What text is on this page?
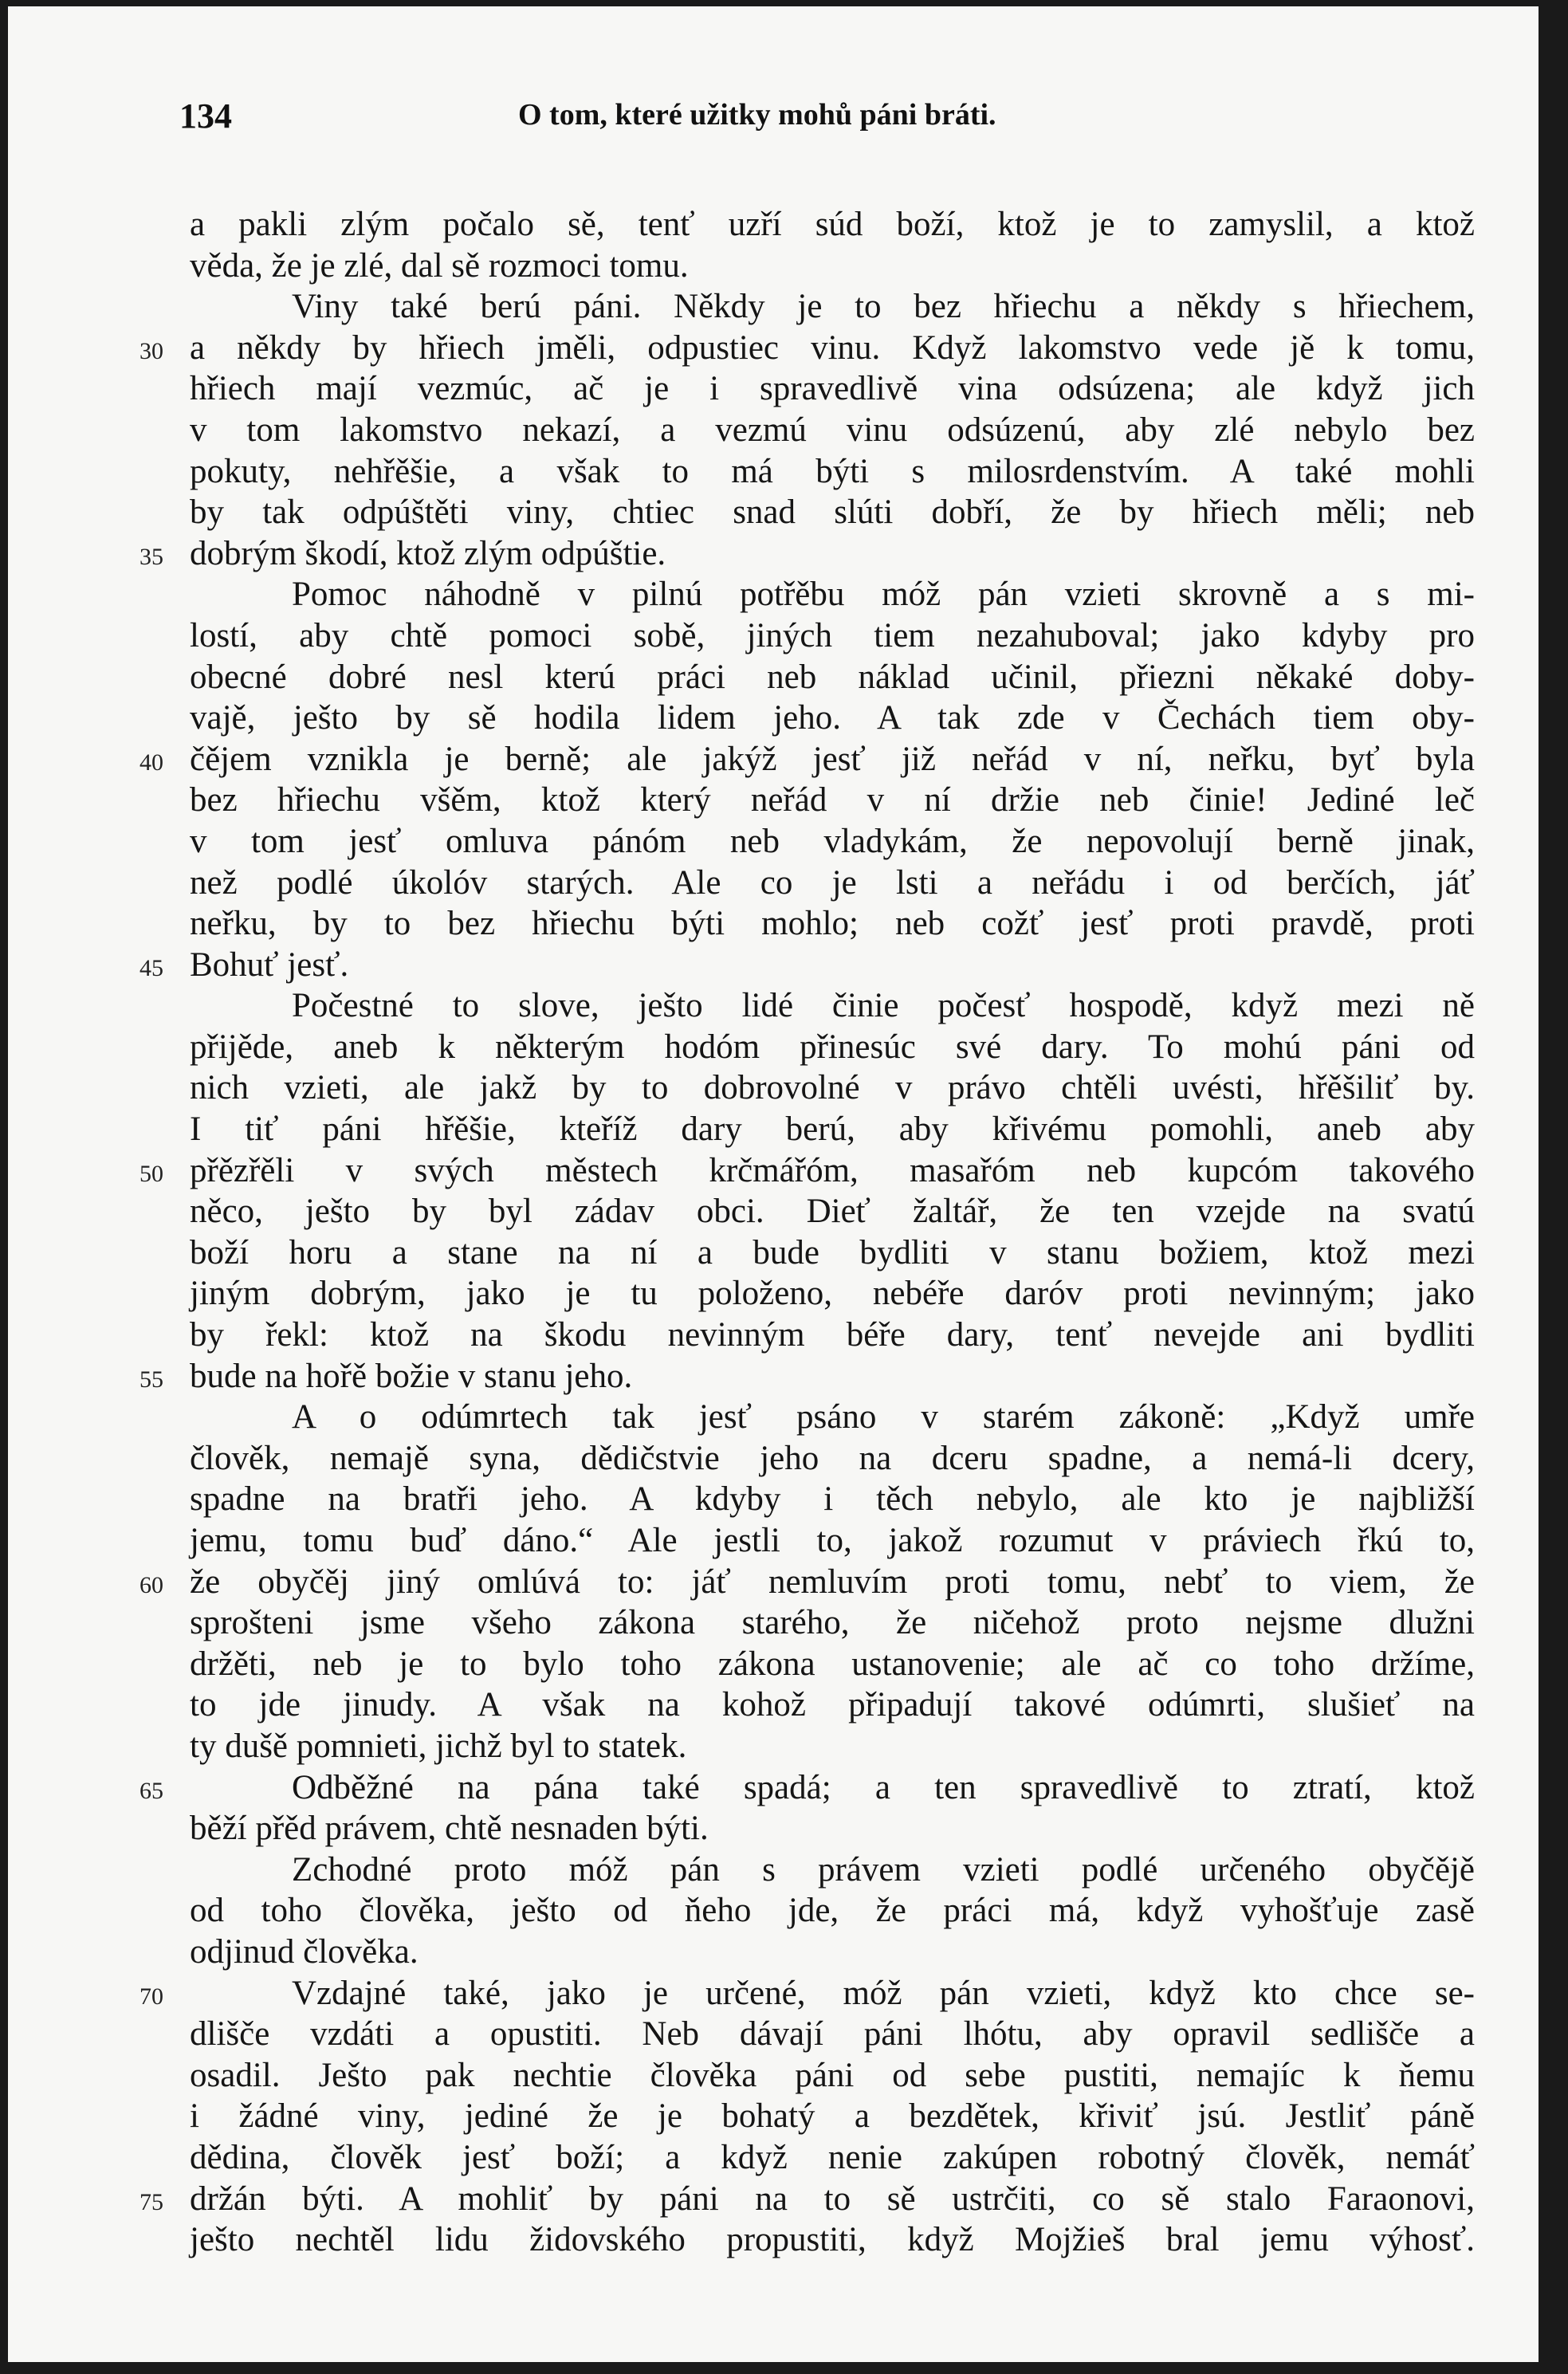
134	O tom, které užitky mohů páni bráti.
a pakli zlým počalo sě, tenť uzří súd boží, ktož je to zamyslil, a ktož
věda, že je zlé, dal sě rozmoci tomu.
Viny také berú páni. Někdy je to bez hřiechu a někdy s hřiechem,
30 a někdy by hřiech jměli, odpustiec vinu. Když lakomstvo vede jě k tomu,
hřiech mají vezmúc, ač je i spravedlivě vina odsúzena; ale když jich
v tom lakomstvo nekazí, a vezmú vinu odsúzenú, aby zlé nebylo bez
pokuty, nehřěšie, a však to má býti s milosrdenstvím. A také mohli
by tak odpúštěti viny, chtiec snad slúti dobří, že by hřiech měli; neb
35 dobrým škodí, ktož zlým odpúštie.
Pomoc náhodně v pilnú potřěbu móž pán vzieti skrovně a s mi-
lostí, aby chtě pomoci sobě, jiných tiem nezahuboval; jako kdyby pro
obecné dobré nesl kterú práci neb náklad učinil, přiezni někaké doby-
vajě, ješto by sě hodila lidem jeho. A tak zde v Čechách tiem oby-
40 čějem vznikla je berně; ale jakýž jesť již neřád v ní, neřku, byť byla
bez hřiechu všěm, ktož který neřád v ní držie neb činie! Jediné leč
v tom jesť omluva pánóm neb vladykám, že nepovolují berně jinak,
než podlé úkolóv starých. Ale co je lsti a neřádu i od berčích, jáť
neřku, by to bez hřiechu býti mohlo; neb cožť jesť proti pravdě, proti
45 Bohuť jesť.
Počestné to slove, ješto lidé činie počesť hospodě, když mezi ně
přijěde, aneb k některým hodóm přinesúc své dary. To mohú páni od
nich vzieti, ale jakž by to dobrovolné v právo chtěli uvésti, hřěšiliť by.
I tiť páni hřěšie, kteříž dary berú, aby křivému pomohli, aneb aby
50 přězřěli v svých městech krčmářóm, masařóm neb kupcóm takového
něco, ješto by byl zádav obci. Dieť žaltář, že ten vzejde na svatú
boží horu a stane na ní a bude bydliti v stanu božiem, ktož mezi
jiným dobrým, jako je tu položeno, nebéře daróv proti nevinným; jako
by řekl: ktož na škodu nevinným béře dary, tenť nevejde ani bydliti
55 bude na hořě božie v stanu jeho.
A o odúmrtech tak jesť psáno v starém zákoně: „Když umře
člověk, nemajě syna, dědičstvie jeho na dceru spadne, a nemá-li dcery,
spadne na bratři jeho. A kdyby i těch nebylo, ale kto je najbližší
jemu, tomu buď dáno.“ Ale jestli to, jakož rozumut v práviech řkú to,
60 že obyčěj jiný omlúvá to: jáť nemluvím proti tomu, nebť to viem, že
sprošteni jsme všeho zákona starého, že ničehož proto nejsme dlužni
držěti, neb je to bylo toho zákona ustanovenie; ale ač co toho držíme,
to jde jinudy. A však na kohož připadují takové odúmrti, slušieť na
ty dušě pomnieti, jichž byl to statek.
65	Odběžné na pána také spadá; a ten spravedlivě to ztratí, ktož
běží přěd právem, chtě nesnaden býti.
Zchodné proto móž pán s právem vzieti podlé určeného obyčějě
od toho člověka, ješto od ňeho jde, že práci má, když vyhošťuje zasě
odjinud člověka.
70	Vzdajné také, jako je určené, móž pán vzieti, když kto chce se-
dlišče vzdáti a opustiti. Neb dávají páni lhótu, aby opravil sedlišče a
osadil. Ješto pak nechtie člověka páni od sebe pustiti, nemajíc k ňemu
i žádné viny, jediné že je bohatý a bezdětek, křiviť jsú. Jestliť páně
dědina, člověk jesť boží; a když nenie zakúpen robotný člověk, nemáť
75 držán býti. A mohliť by páni na to sě ustrčiti, co sě stalo Faraonovi,
ješto nechtěl lidu židovského propustiti, když Mojžieš bral jemu výhosť.
